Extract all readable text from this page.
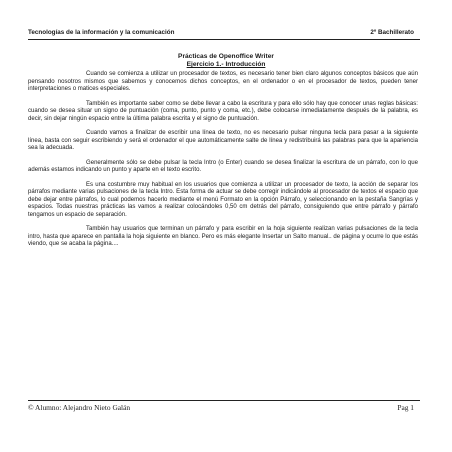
Tecnologías de la información y la comunicación	2º Bachillerato
Prácticas de Openoffice Writer
Ejercicio 1.- Introducción

Cuando se comienza a utilizar un procesador de textos, es necesario tener bien claro algunos conceptos básicos que aún pensando nosotros mismos que sabemos y conocemos dichos conceptos, en el ordenador o en el procesador de textos, pueden tener interpretaciones o matices especiales.

También es importante saber como se debe llevar a cabo la escritura y para ello sólo hay que conocer unas reglas básicas: cuando se desea situar un signo de puntuación (coma, punto, punto y coma, etc.), debe colocarse inmediatamente después de la palabra, es decir, sin dejar ningún espacio entre la última palabra escrita y el signo de puntuación.

Cuando vamos a finalizar de escribir una línea de texto, no es necesario pulsar ninguna tecla para pasar a la siguiente línea, basta con seguir escribiendo y será el ordenador el que automáticamente salte de línea y redistribuirá las palabras para que la apariencia sea la adecuada.

Generalmente sólo se debe pulsar la tecla Intro (o Enter) cuando se desea finalizar la escritura de un párrafo, con lo que además estamos indicando un punto y aparte en el texto escrito.

Es una costumbre muy habitual en los usuarios que comienza a utilizar un procesador de texto, la acción de separar los párrafos mediante varias pulsaciones de la tecla Intro. Esta forma de actuar se debe corregir indicándole al procesador de textos el espacio que debe dejar entre párrafos, lo cual podemos hacerlo mediante el menú Formato en la opción Párrafo, y seleccionando en la pestaña Sangrías y espacios. Todas nuestras prácticas las vamos a realizar colocándoles 0,50 cm detrás del párrafo, consiguiendo que entre párrafo y párrafo tengamos un espacio de separación.

También hay usuarios que terminan un párrafo y para escribir en la hoja siguiente realizan varias pulsaciones de la tecla intro, hasta que aparece en pantalla la hoja siguiente en blanco. Pero es más elegante Insertar un Salto manual.. de página y ocurre lo que estás viendo, que se acaba la página....

© Alumno: Alejandro Nieto Galán	Pag 1
